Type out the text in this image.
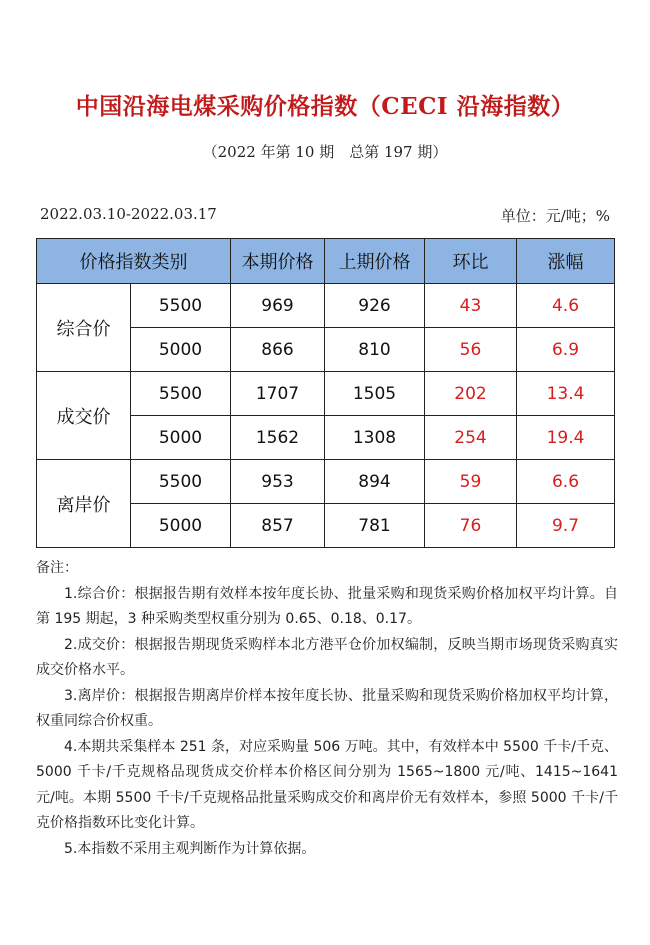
中国沿海电煤采购价格指数（CECI 沿海指数）
（2022 年第 10 期　总第 197 期）
2022.03.10-2022.03.17	单位：元/吨；%
价格指数类别		本期价格	上期价格	环比	涨幅
综合价	5500	969	926	43	4.6
	5000	866	810	56	6.9
成交价	5500	1707	1505	202	13.4
	5000	1562	1308	254	19.4
离岸价	5500	953	894	59	6.6
	5000	857	781	76	9.7
备注：

1.综合价：根据报告期有效样本按年度长协、批量采购和现货采购价格加权平均计算。自第 195 期起，3 种采购类型权重分别为 0.65、0.18、0.17。

2.成交价：根据报告期现货采购样本北方港平仓价加权编制，反映当期市场现货采购真实成交价格水平。

3.离岸价：根据报告期离岸价样本按年度长协、批量采购和现货采购价格加权平均计算，权重同综合价权重。

4.本期共采集样本 251 条，对应采购量 506 万吨。其中，有效样本中 5500 千卡/千克、5000 千卡/千克规格品现货成交价样本价格区间分别为 1565~1800 元/吨、1415~1641 元/吨。本期 5500 千卡/千克规格品批量采购成交价和离岸价无有效样本，参照 5000 千卡/千克价格指数环比变化计算。

5.本指数不采用主观判断作为计算依据。
